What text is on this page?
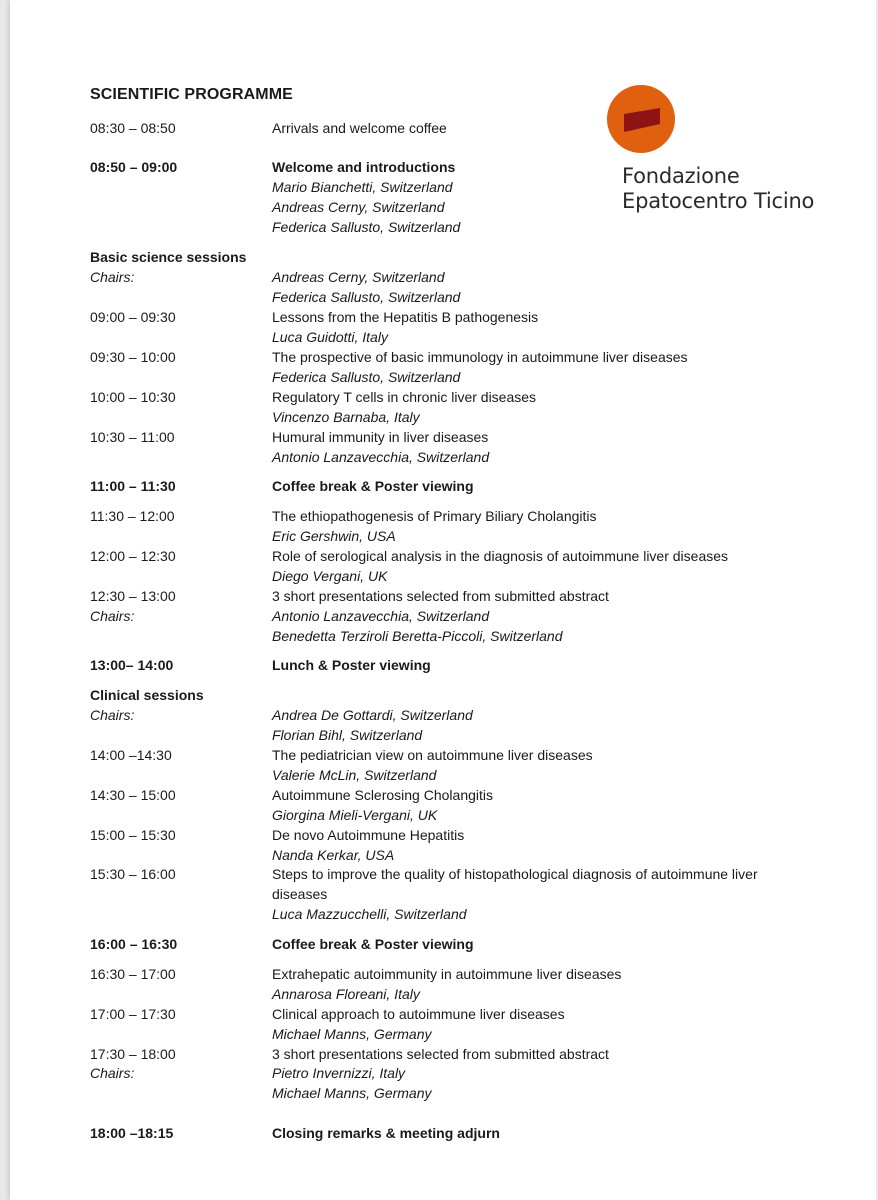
SCIENTIFIC PROGRAMME
Fondazione
Epatocentro Ticino
08:30 – 08:50	Arrivals and welcome coffee
08:50 – 09:00	Welcome and introductions
Mario Bianchetti, Switzerland
Andreas Cerny, Switzerland
Federica Sallusto, Switzerland
Basic science sessions
Chairs:	Andreas Cerny, Switzerland
Federica Sallusto, Switzerland
09:00 – 09:30	Lessons from the Hepatitis B pathogenesis
Luca Guidotti, Italy
09:30 – 10:00	The prospective of basic immunology in autoimmune liver diseases
Federica Sallusto, Switzerland
10:00 – 10:30	Regulatory T cells in chronic liver diseases
Vincenzo Barnaba, Italy
10:30 – 11:00	Humural immunity in liver diseases
Antonio Lanzavecchia, Switzerland
11:00 – 11:30	Coffee break & Poster viewing
11:30 – 12:00	The ethiopathogenesis of Primary Biliary Cholangitis
Eric Gershwin, USA
12:00 – 12:30	Role of serological analysis in the diagnosis of autoimmune liver diseases
Diego Vergani, UK
12:30 – 13:00	3 short presentations selected from submitted abstract
Chairs:	Antonio Lanzavecchia, Switzerland
Benedetta Terziroli Beretta-Piccoli, Switzerland
13:00– 14:00	Lunch & Poster viewing
Clinical sessions
Chairs:	Andrea De Gottardi, Switzerland
Florian Bihl, Switzerland
14:00 –14:30	The pediatrician view on autoimmune liver diseases
Valerie McLin, Switzerland
14:30 – 15:00	Autoimmune Sclerosing Cholangitis
Giorgina Mieli-Vergani, UK
15:00 – 15:30	De novo Autoimmune Hepatitis
Nanda Kerkar, USA
15:30 – 16:00	Steps to improve the quality of histopathological diagnosis of autoimmune liver
diseases
Luca Mazzucchelli, Switzerland
16:00 – 16:30	Coffee break & Poster viewing
16:30 – 17:00	Extrahepatic autoimmunity in autoimmune liver diseases
Annarosa Floreani, Italy
17:00 – 17:30	Clinical approach to autoimmune liver diseases
Michael Manns, Germany
17:30 – 18:00	3 short presentations selected from submitted abstract
Chairs:	Pietro Invernizzi, Italy
Michael Manns, Germany
18:00 –18:15	Closing remarks & meeting adjurn
